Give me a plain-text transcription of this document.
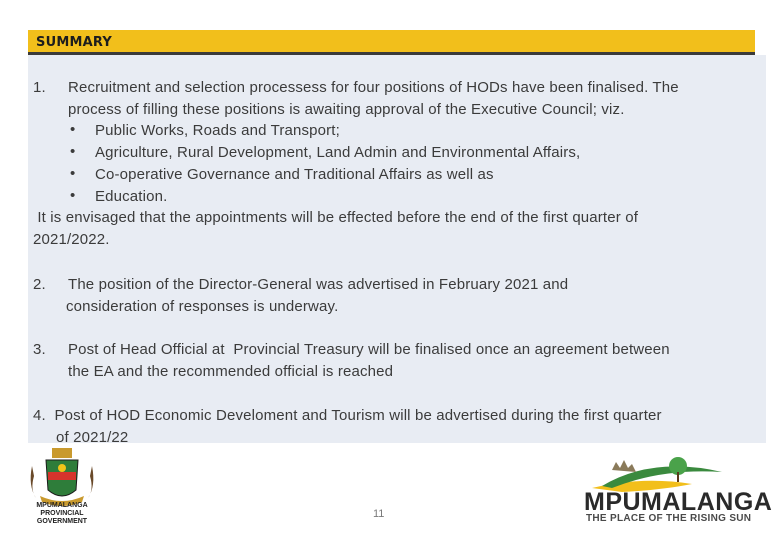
SUMMARY
1. Recruitment and selection processess for four positions of HODs have been finalised. The
process of filling these positions is awaiting approval of the Executive Council; viz.
• Public Works, Roads and Transport;
• Agriculture, Rural Development, Land Admin and Environmental Affairs,
• Co-operative Governance and Traditional Affairs as well as
• Education.
It is envisaged that the appointments will be effected before the end of the first quarter of
2021/2022.
2. The position of the Director-General was advertised in February 2021 and
consideration of responses is underway.
3. Post of Head Official at  Provincial Treasury will be finalised once an agreement between
the EA and the recommended official is reached
4.  Post of HOD Economic Develoment and Tourism will be advertised during the first quarter
of 2021/22
MPUMALANGA
PROVINCIAL
GOVERNMENT
11	MPUMALANGA
THE PLACE OF THE RISING SUN
